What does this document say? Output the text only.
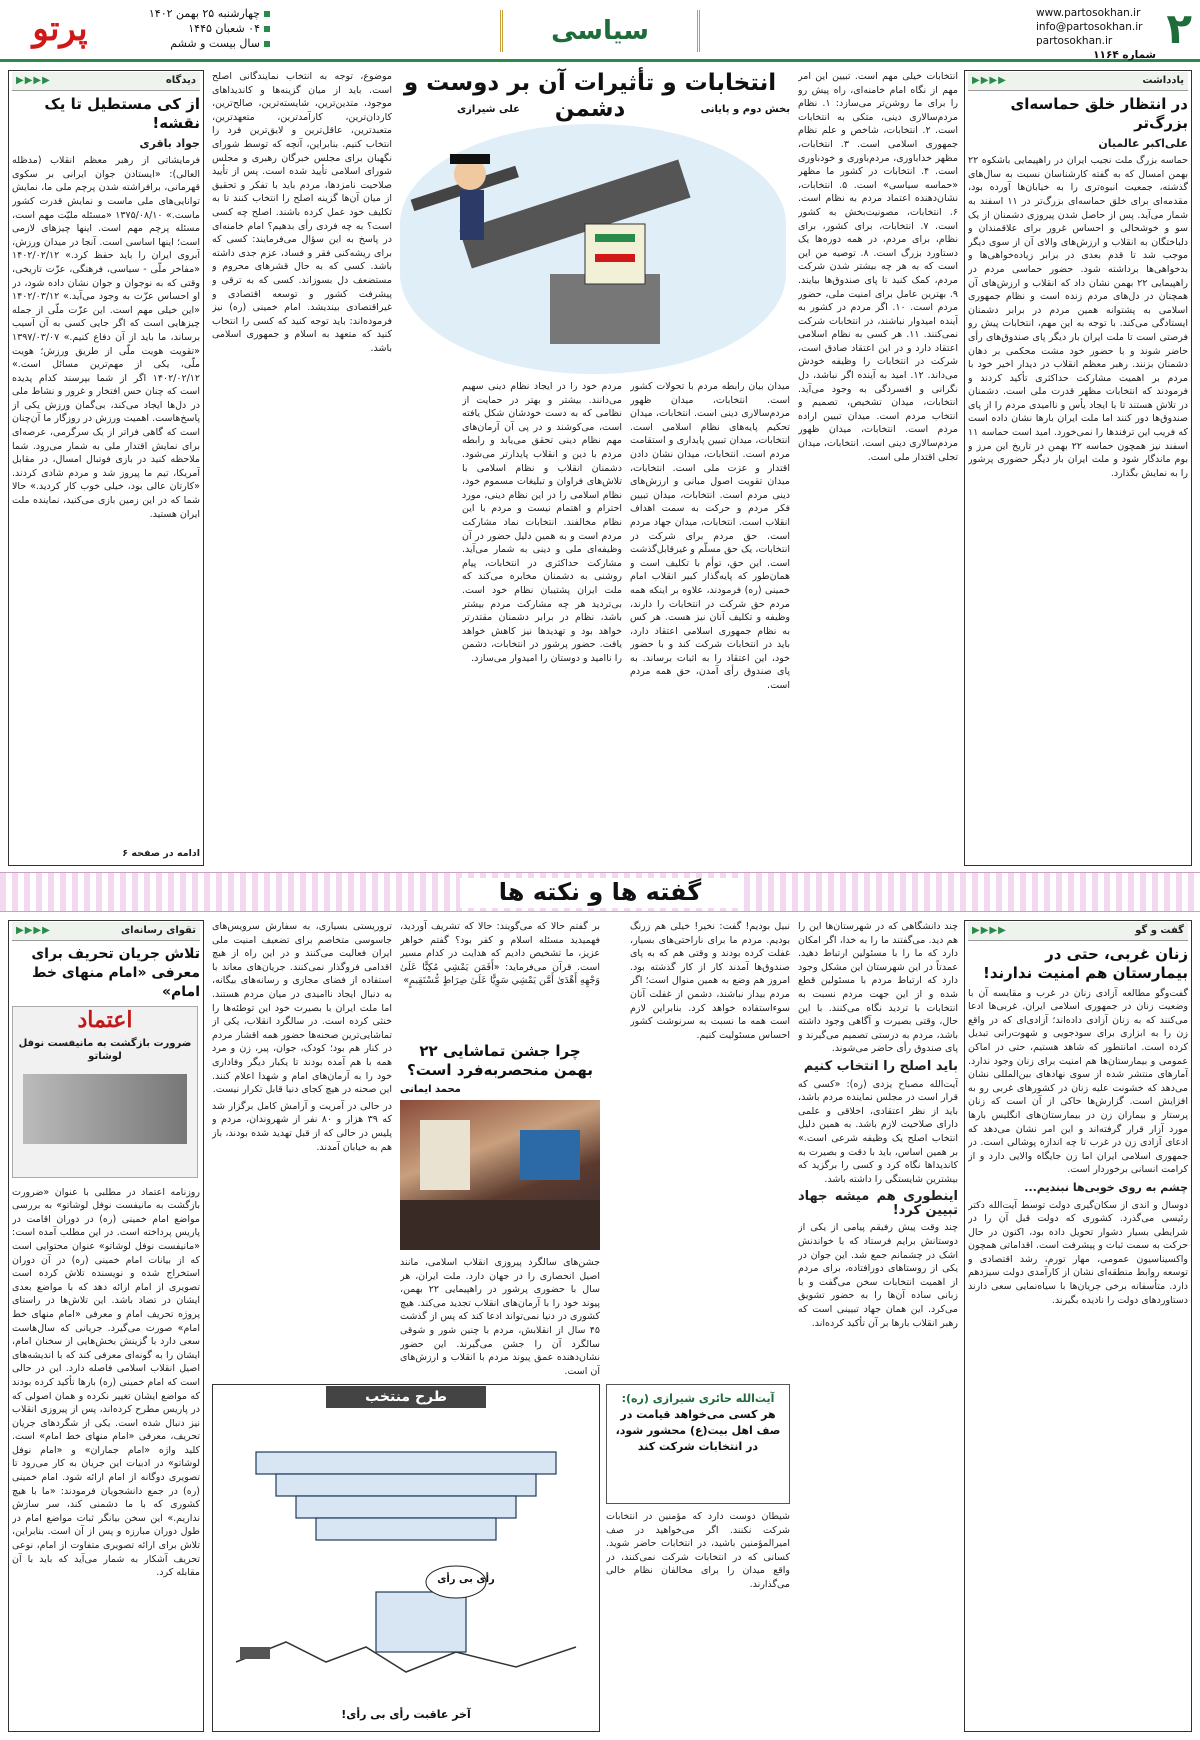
۲
www.partosokhan.ir
info@partosokhan.ir
partosokhan.ir
شماره ۱۱۶۴
سیاسی
چهارشنبه ۲۵ بهمن ۱۴۰۲
۰۴ شعبان ۱۴۴۵
سال بیست و ششم
پرتو
یادداشت
▶▶▶▶
در انتظار خلق حماسه‌ای بزرگ‌تر
علی‌اکبر عالمیان

حماسه بزرگ ملت نجیب ایران در راهپیمایی باشکوه ۲۲ بهمن امسال که به گفته کارشناسان نسبت به سال‌های گذشته، جمعیت انبوه‌تری را به خیابان‌ها آورده بود، مقدمه‌ای برای خلق حماسه‌ای بزرگ‌تر در ۱۱ اسفند به شمار می‌آید. پس از حاصل شدن پیروزی دشمنان از یک سو و خوشحالی و احساس غرور برای علاقمندان و دلباختگان به انقلاب و ارزش‌های والای آن از سوی دیگر موجب شد تا قدم بعدی در برابر زیاده‌خواهی‌ها و بدخواهی‌ها برداشته شود. حضور حماسی مردم در راهپیمایی ۲۲ بهمن نشان داد که انقلاب و ارزش‌های آن همچنان در دل‌های مردم زنده است و نظام جمهوری اسلامی به پشتوانه همین مردم در برابر دشمنان ایستادگی می‌کند. با توجه به این مهم، انتخابات پیش رو فرصتی است تا ملت ایران بار دیگر پای صندوق‌های رأی حاضر شوند و با حضور خود مشت محکمی بر دهان دشمنان بزنند. رهبر معظم انقلاب در دیدار اخیر خود با مردم بر اهمیت مشارکت حداکثری تأکید کردند و فرمودند که انتخابات مظهر قدرت ملی است. دشمنان در تلاش هستند تا با ایجاد یأس و ناامیدی مردم را از پای صندوق‌ها دور کنند اما ملت ایران بارها نشان داده است که فریب این ترفندها را نمی‌خورد. امید است حماسه ۱۱ اسفند نیز همچون حماسه ۲۲ بهمن در تاریخ این مرز و بوم ماندگار شود و ملت ایران بار دیگر حضوری پرشور را به نمایش بگذارد.

انتخابات و تأثیرات آن بر دوست و دشمن	بخش دوم و پایانی
علی شیرازی

انتخابات خیلی مهم است. تبیین این امر مهم از نگاه امام خامنه‌ای، راه پیش رو را برای ما روشن‌تر می‌سازد: ۱. نظام مردم‌سالاری دینی، متکی به انتخابات است. ۲. انتخابات، شاخص و علم نظام جمهوری اسلامی است. ۳. انتخابات، مظهر خداباوری، مردم‌باوری و خودباوری است. ۴. انتخابات در کشور ما مظهر «حماسه سیاسی» است. ۵. انتخابات، نشان‌دهنده اعتماد مردم به نظام است. ۶. انتخابات، مصونیت‌بخش به کشور است. ۷. انتخابات، برای کشور، برای نظام، برای مردم، در همه دوره‌ها یک دستاورد بزرگ است. ۸. توصیه من این است که به هر چه بیشتر شدن شرکت مردم، کمک کنید تا پای صندوق‌ها بیایند. ۹. بهترین عامل برای امنیت ملی، حضور مردم است. ۱۰. اگر مردم در کشور به آینده امیدوار نباشند، در انتخابات شرکت نمی‌کنند. ۱۱. هر کسی به نظام اسلامی اعتقاد دارد و در این اعتقاد صادق است، شرکت در انتخابات را وظیفه خودش می‌داند. ۱۲. امید به آینده اگر نباشد، دل نگرانی و افسردگی به وجود می‌آید. انتخابات، میدان تشخیص، تصمیم و انتخاب مردم است. میدان تبیین اراده مردم است. انتخابات، میدان ظهور مردم‌سالاری دینی است. انتخابات، میدان تجلی اقتدار ملی است.

میدان بیان رابطه مردم با تحولات کشور است. انتخابات، میدان ظهور مردم‌سالاری دینی است. انتخابات، میدان تحکیم پایه‌های نظام اسلامی است. انتخابات، میدان تبیین پایداری و استقامت مردم است. انتخابات، میدان نشان دادن اقتدار و عزت ملی است. انتخابات، میدان تقویت اصول مبانی و ارزش‌های دینی مردم است. انتخابات، میدان تبیین فکر مردم و حرکت به سمت اهداف انقلاب است. انتخابات، میدان جهاد مردم است. حق مردم برای شرکت در انتخابات، یک حق مسلّم و غیرقابل‌گذشت است. این حق، توأم با تکلیف است و همان‌طور که پایه‌گذار کبیر انقلاب امام خمینی (ره) فرمودند، علاوه بر اینکه همه مردم حق شرکت در انتخابات را دارند، وظیفه و تکلیف آنان نیز هست. هر کس به نظام جمهوری اسلامی اعتقاد دارد، باید در انتخابات شرکت کند و با حضور خود، این اعتقاد را به اثبات برساند. به پای صندوق رأی آمدن، حق همه مردم است.

مردم خود را در ایجاد نظام دینی سهیم می‌دانند. بیشتر و بهتر در حمایت از نظامی که به دست خودشان شکل یافته است، می‌کوشند و در پی آن آرمان‌های مهم نظام دینی تحقق می‌یابد و رابطه مردم با دین و انقلاب پایدارتر می‌شود. دشمنان انقلاب و نظام اسلامی با تلاش‌های فراوان و تبلیغات مسموم خود، نظام اسلامی را در این نظام دینی، مورد احترام و اهتمام نیست و مردم با این نظام مخالفند. انتخابات نماد مشارکت مردم است و به همین دلیل حضور در آن وظیفه‌ای ملی و دینی به شمار می‌آید. مشارکت حداکثری در انتخابات، پیام روشنی به دشمنان مخابره می‌کند که ملت ایران پشتیبان نظام خود است. بی‌تردید هر چه مشارکت مردم بیشتر باشد، نظام در برابر دشمنان مقتدرتر خواهد بود و تهدیدها نیز کاهش خواهد یافت. حضور پرشور در انتخابات، دشمن را ناامید و دوستان را امیدوار می‌سازد.

موضوع، توجه به انتخاب نمایندگانی اصلح است. باید از میان گزینه‌ها و کاندیداهای موجود، متدین‌ترین، شایسته‌ترین، صالح‌ترین، کاردان‌ترین، کارآمدترین، متعهدترین، متعبدترین، عاقل‌ترین و لایق‌ترین فرد را انتخاب کنیم. بنابراین، آنچه که توسط شورای نگهبان برای مجلس خبرگان رهبری و مجلس شورای اسلامی تأیید شده است. پس از تأیید صلاحیت نامزدها، مردم باید با تفکر و تحقیق از میان آن‌ها گزینه اصلح را انتخاب کنند تا به تکلیف خود عمل کرده باشند. اصلح چه کسی است؟ به چه فردی رأی بدهیم؟ امام خامنه‌ای در پاسخ به این سؤال می‌فرمایند: کسی که برای ریشه‌کنی فقر و فساد، عزم جدی داشته باشد. کسی که به حال قشرهای محروم و مستضعف دل بسوزاند. کسی که به ترقی و پیشرفت کشور و توسعه اقتصادی و غیراقتصادی بیندیشد. امام خمینی (ره) نیز فرموده‌اند: باید توجه کنید که کسی را انتخاب کنید که متعهد به اسلام و جمهوری اسلامی باشد.

دیدگاه
▶▶▶▶
از کی مستطیل تا یک نقشه!
جواد باقری

فرمایشاتی از رهبر معظم انقلاب (مدظله العالی): «ایستادن جوان ایرانی بر سکوی قهرمانی، برافراشته شدن پرچم ملی ما، نمایش توانایی‌های ملی ماست و نمایش قدرت کشور ماست.» ۱۳۷۵/۰۸/۱۰ «مسئله ملیّت مهم است، مسئله پرچم مهم است. اینها چیزهای لازمی است؛ اینها اساسی است. آنجا در میدان ورزش، آبروی ایران را باید حفظ کرد.» ۱۴۰۲/۰۲/۱۲ «مفاخر ملّی - سیاسی، فرهنگی، عزّت تاریخی، وقتی که به نوجوان و جوان نشان داده شود، در او احساس عزّت به وجود می‌آید.» ۱۴۰۲/۰۳/۱۲ «این خیلی مهم است. این عزّت ملّی از جمله چیزهایی است که اگر جایی کسی به آن آسیب برساند، ما باید از آن دفاع کنیم.» ۱۳۹۷/۰۳/۰۷ «تقویت هویت ملّی از طریق ورزش؛ هویت ملّی، یکی از مهم‌ترین مسائل است.» ۱۴۰۲/۰۲/۱۲ اگر از شما بپرسند کدام پدیده است که چنان حس افتخار و غرور و نشاط ملی در دل‌ها ایجاد می‌کند، بی‌گمان ورزش یکی از پاسخ‌هاست. اهمیت ورزش در روزگار ما آن‌چنان است که گاهی فراتر از یک سرگرمی، عرصه‌ای برای نمایش اقتدار ملی به شمار می‌رود. شما ملاحظه کنید در بازی فوتبال امسال، در مقابل آمریکا، تیم ما پیروز شد و مردم شادی کردند. «کارتان عالی بود، خیلی خوب کار کردید.» حالا شما که در این زمین بازی می‌کنید، نماینده ملت ایران هستید.

ادامه در صفحه ۶
گفته ها و نکته ها
گفت و گو
▶▶▶▶
زنان غربی، حتی در بیمارستان هم امنیت ندارند!

گفت‌وگو مطالعه آزادی زنان در غرب و مقایسه آن با وضعیت زنان در جمهوری اسلامی ایران. غربی‌ها ادعا می‌کنند که به زنان آزادی داده‌اند؛ آزادی‌ای که در واقع زن را به ابزاری برای سودجویی و شهوت‌رانی تبدیل کرده است. امانتطور که شاهد هستیم، حتی در اماکن عمومی و بیمارستان‌ها هم امنیت برای زنان وجود ندارد. آمارهای منتشر شده از سوی نهادهای بین‌المللی نشان می‌دهد که خشونت علیه زنان در کشورهای غربی رو به افزایش است. گزارش‌ها حاکی از آن است که زنان پرستار و بیماران زن در بیمارستان‌های انگلیس بارها مورد آزار قرار گرفته‌اند و این امر نشان می‌دهد که ادعای آزادی زن در غرب تا چه اندازه پوشالی است. در جمهوری اسلامی ایران اما زن جایگاه والایی دارد و از کرامت انسانی برخوردار است.

چشم به روی خوبی‌ها نبندیم...

دوسال و اندی از سکان‌گیری دولت توسط آیت‌الله دکتر رئیسی می‌گذرد. کشوری که دولت قبل آن را در شرایطی بسیار دشوار تحویل داده بود، اکنون در حال حرکت به سمت ثبات و پیشرفت است. اقداماتی همچون واکسیناسیون عمومی، مهار تورم، رشد اقتصادی و توسعه روابط منطقه‌ای نشان از کارآمدی دولت سیزدهم دارد. متأسفانه برخی جریان‌ها با سیاه‌نمایی سعی دارند دستاوردهای دولت را نادیده بگیرند.

چند دانشگاهی که در شهرستان‌ها این را هم دید. می‌گفتند ما را به خدا، اگر امکان دارد که ما را با مسئولین ارتباط دهید. عمدتاً در این شهرستان این مشکل وجود دارد که ارتباط مردم با مسئولین قطع شده و از این جهت مردم نسبت به انتخابات با تردید نگاه می‌کنند. با این حال، وقتی بصیرت و آگاهی وجود داشته باشد، مردم به درستی تصمیم می‌گیرند و پای صندوق رأی حاضر می‌شوند.

باید اصلح را انتخاب کنیم

آیت‌الله مصباح یزدی (ره): «کسی که قرار است در مجلس نماینده مردم باشد، باید از نظر اعتقادی، اخلاقی و علمی دارای صلاحیت لازم باشد. به همین دلیل انتخاب اصلح یک وظیفه شرعی است.» بر همین اساس، باید با دقت و بصیرت به کاندیداها نگاه کرد و کسی را برگزید که بیشترین شایستگی را داشته باشد.

اینطوری هم میشه جهاد تبیین کرد!

چند وقت پیش رفیقم پیامی از یکی از دوستانش برایم فرستاد که با خواندنش اشک در چشمانم جمع شد. این جوان در یکی از روستاهای دورافتاده، برای مردم از اهمیت انتخابات سخن می‌گفت و با زبانی ساده آن‌ها را به حضور تشویق می‌کرد. این همان جهاد تبیینی است که رهبر انقلاب بارها بر آن تأکید کرده‌اند.

نبیل بودیم! گفت: نخیر! خیلی هم زرنگ بودیم. مردم ما برای ناراحتی‌های بسیار، غفلت کرده بودند و وقتی هم که به پای صندوق‌ها آمدند کار از کار گذشته بود. امروز هم وضع به همین منوال است؛ اگر مردم بیدار نباشند، دشمن از غفلت آنان سوءاستفاده خواهد کرد. بنابراین لازم است همه ما نسبت به سرنوشت کشور احساس مسئولیت کنیم.

آیت‌الله حائری شیرازی (ره):
هر کسی می‌خواهد قیامت در صف اهل بیت(ع) محشور شود، در انتخابات شرکت کند

شیطان دوست دارد که مؤمنین در انتخابات شرکت نکنند. اگر می‌خواهید در صف امیرالمؤمنین باشید، در انتخابات حاضر شوید. کسانی که در انتخابات شرکت نمی‌کنند، در واقع میدان را برای مخالفان نظام خالی می‌گذارند.

بر گفتم حالا که می‌گویند: حالا که تشریف آوردید، فهمیدید مسئله اسلام و کفر بود؟ گفتم خواهر عزیز، ما تشخیص دادیم که هدایت در کدام مسیر است. قرآن می‌فرماید: «أَفَمَن يَمْشِي مُكِبًّا عَلَىٰ وَجْهِهِ أَهْدَىٰ أَمَّن يَمْشِي سَوِيًّا عَلَىٰ صِرَاطٍ مُّسْتَقِيمٍ»

چرا جشن تماشایی ۲۲ بهمن منحصربه‌فرد است؟
محمد ایمانی

جشن‌های سالگرد پیروزی انقلاب اسلامی، مانند اصیل انحصاری را در جهان دارد. ملت ایران، هر سال با حضوری پرشور در راهپیمایی ۲۲ بهمن، پیوند خود را با آرمان‌های انقلاب تجدید می‌کند. هیچ کشوری در دنیا نمی‌تواند ادعا کند که پس از گذشت ۴۵ سال از انقلابش، مردم با چنین شور و شوقی سالگرد آن را جشن می‌گیرند. این حضور نشان‌دهنده عمق پیوند مردم با انقلاب و ارزش‌های آن است.

تروریستی بسیاری، به سفارش سرویس‌های جاسوسی متخاصم برای تضعیف امنیت ملی ایران فعالیت می‌کنند و در این راه از هیچ اقدامی فروگذار نمی‌کنند. جریان‌های معاند با استفاده از فضای مجازی و رسانه‌های بیگانه، به دنبال ایجاد ناامیدی در میان مردم هستند. اما ملت ایران با بصیرت خود این توطئه‌ها را خنثی کرده است. در سالگرد انقلاب، یکی از تماشایی‌ترین صحنه‌ها حضور همه اقشار مردم در کنار هم بود؛ کودک، جوان، پیر، زن و مرد همه با هم آمده بودند تا یکبار دیگر وفاداری خود را به آرمان‌های امام و شهدا اعلام کنند. این صحنه در هیچ کجای دنیا قابل تکرار نیست.

در حالی در آمریت و آرامش کامل برگزار شد که ۳۹ هزار و ۸۰ نفر از شهروندان، مردم و پلیس در حالی که از قبل تهدید شده بودند، باز هم به خیابان آمدند.

طرح منتخب
رأی بی رأی
آخر عاقبت رأی بی رأی!
تقوای رسانه‌ای
▶▶▶▶
تلاش جریان تحریف برای معرفی «امام منهای خط امام»
اعتماد
ضرورت بازگشت به مانیفست نوفل لوشاتو

روزنامه اعتماد در مطلبی با عنوان «ضرورت بازگشت به مانیفست نوفل لوشاتو» به بررسی مواضع امام خمینی (ره) در دوران اقامت در پاریس پرداخته است. در این مطلب آمده است: «مانیفست نوفل لوشاتو» عنوان محتوایی است که از بیانات امام خمینی (ره) در آن دوران استخراج شده و نویسنده تلاش کرده است تصویری از امام ارائه دهد که با مواضع بعدی ایشان در تضاد باشد. این تلاش‌ها در راستای پروژه تحریف امام و معرفی «امام منهای خط امام» صورت می‌گیرد. جریانی که سال‌هاست سعی دارد با گزینش بخش‌هایی از سخنان امام، ایشان را به گونه‌ای معرفی کند که با اندیشه‌های اصیل انقلاب اسلامی فاصله دارد. این در حالی است که امام خمینی (ره) بارها تأکید کرده بودند که مواضع ایشان تغییر نکرده و همان اصولی که در پاریس مطرح کرده‌اند، پس از پیروزی انقلاب نیز دنبال شده است. یکی از شگردهای جریان تحریف، معرفی «امام منهای خط امام» است. کلید واژه «امام جماران» و «امام نوفل لوشاتو» در ادبیات این جریان به کار می‌رود تا تصویری دوگانه از امام ارائه شود. امام خمینی (ره) در جمع دانشجویان فرمودند: «ما با هیچ کشوری که با ما دشمنی کند، سر سازش نداریم.» این سخن بیانگر ثبات مواضع امام در طول دوران مبارزه و پس از آن است. بنابراین، تلاش برای ارائه تصویری متفاوت از امام، نوعی تحریف آشکار به شمار می‌آید که باید با آن مقابله کرد.
